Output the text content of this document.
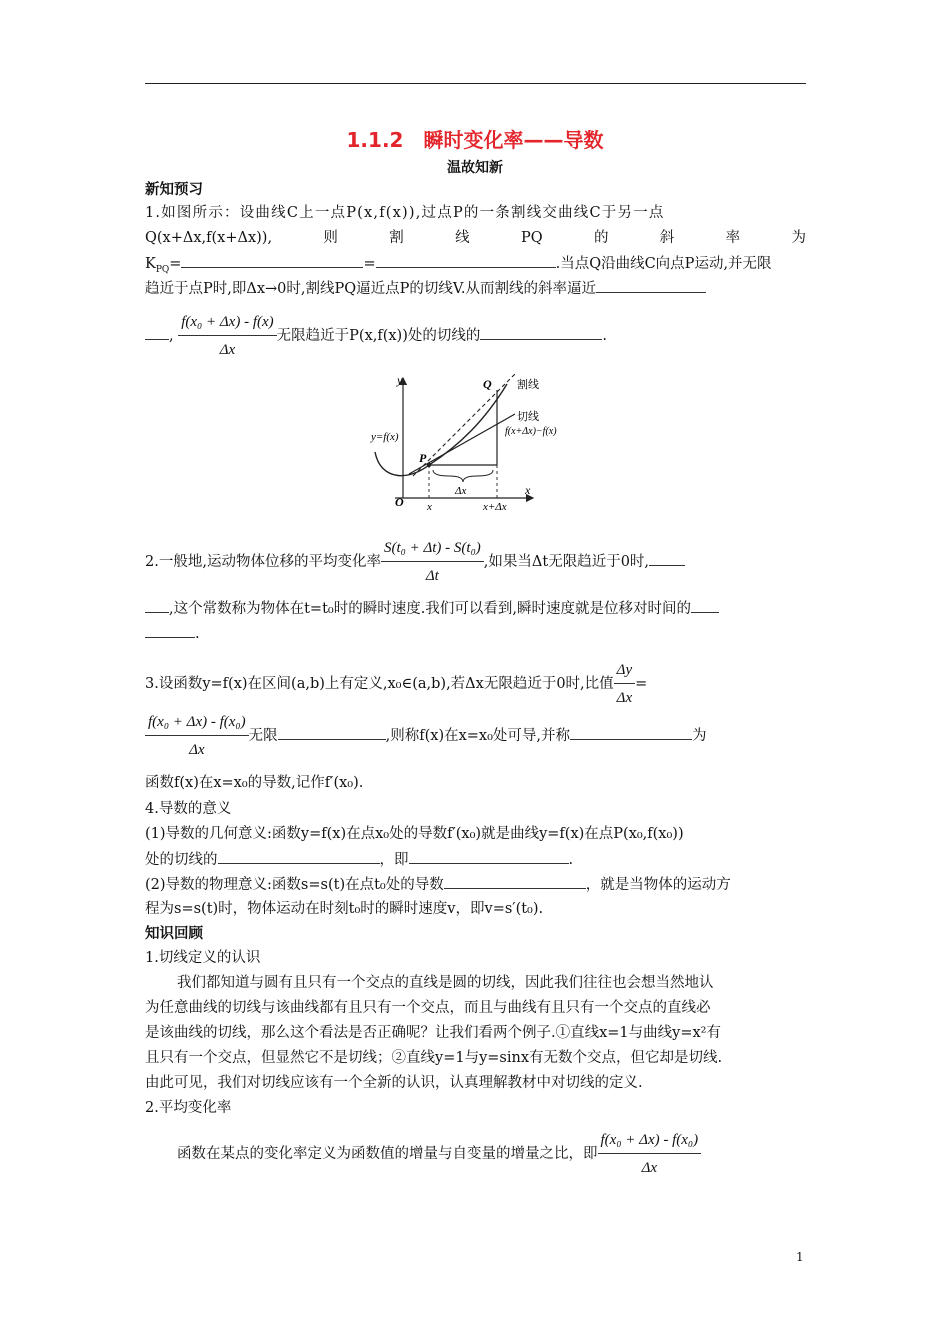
1.1.2　瞬时变化率——导数
温故知新
新知预习
1.如图所示：设曲线C上一点P(x,f(x)),过点P的一条割线交曲线C于另一点
Q(x+Δx,f(x+Δx)),	则	割	线	PQ	的	斜	率	为
$K_{PQ}=$	=	.当点Q沿曲线C向点P运动,并无限
趋近于点P时,即Δx→0时,割线PQ逼近点P的切线V.从而割线的斜率逼近
, $\frac{\text{f(x₀ + Δx) - f(x)}}{\Delta x}$ 无限趋近于P(x,f(x))处的切线的	.
O
y
x
Q
P
割线
切线
f(x+Δx)−f(x)
y=f(x)
Δx
x	x+Δx
2.一般地,运动物体位移的平均变化率 $\frac{\text{S(t₀ + Δt) - S(t₀)}}{\Delta t}$ ,如果当Δt无限趋近于0时,
,这个常数称为物体在t=t₀时的瞬时速度.我们可以看到,瞬时速度就是位移对时间的
.
3.设函数y=f(x)在区间(a,b)上有定义,x₀∈(a,b),若Δx无限趋近于0时,比值 $\frac{\Delta y}{\Delta x}$ =
$\frac{\text{f(x₀ + Δx) - f(x₀)}}{\Delta x}$ 无限	,则称f(x)在x=x₀处可导,并称	为
函数f(x)在x=x₀的导数,记作f′(x₀).
4.导数的意义
(1)导数的几何意义:函数y=f(x)在点x₀处的导数f′(x₀)就是曲线y=f(x)在点P(x₀,f(x₀))
处的切线的	，即	.
(2)导数的物理意义:函数s=s(t)在点t₀处的导数	，就是当物体的运动方
程为s=s(t)时，物体运动在时刻t₀时的瞬时速度v，即v=s′(t₀).
知识回顾
1.切线定义的认识
我们都知道与圆有且只有一个交点的直线是圆的切线，因此我们往往也会想当然地认
为任意曲线的切线与该曲线都有且只有一个交点，而且与曲线有且只有一个交点的直线必
是该曲线的切线，那么这个看法是否正确呢？让我们看两个例子.①直线x=1与曲线y=x²有
且只有一个交点，但显然它不是切线；②直线y=1与y=sinx有无数个交点，但它却是切线.
由此可见，我们对切线应该有一个全新的认识，认真理解教材中对切线的定义.
2.平均变化率
函数在某点的变化率定义为函数值的增量与自变量的增量之比，即 $\frac{\text{f(x₀ + Δx) - f(x₀)}}{\Delta x}$
1
